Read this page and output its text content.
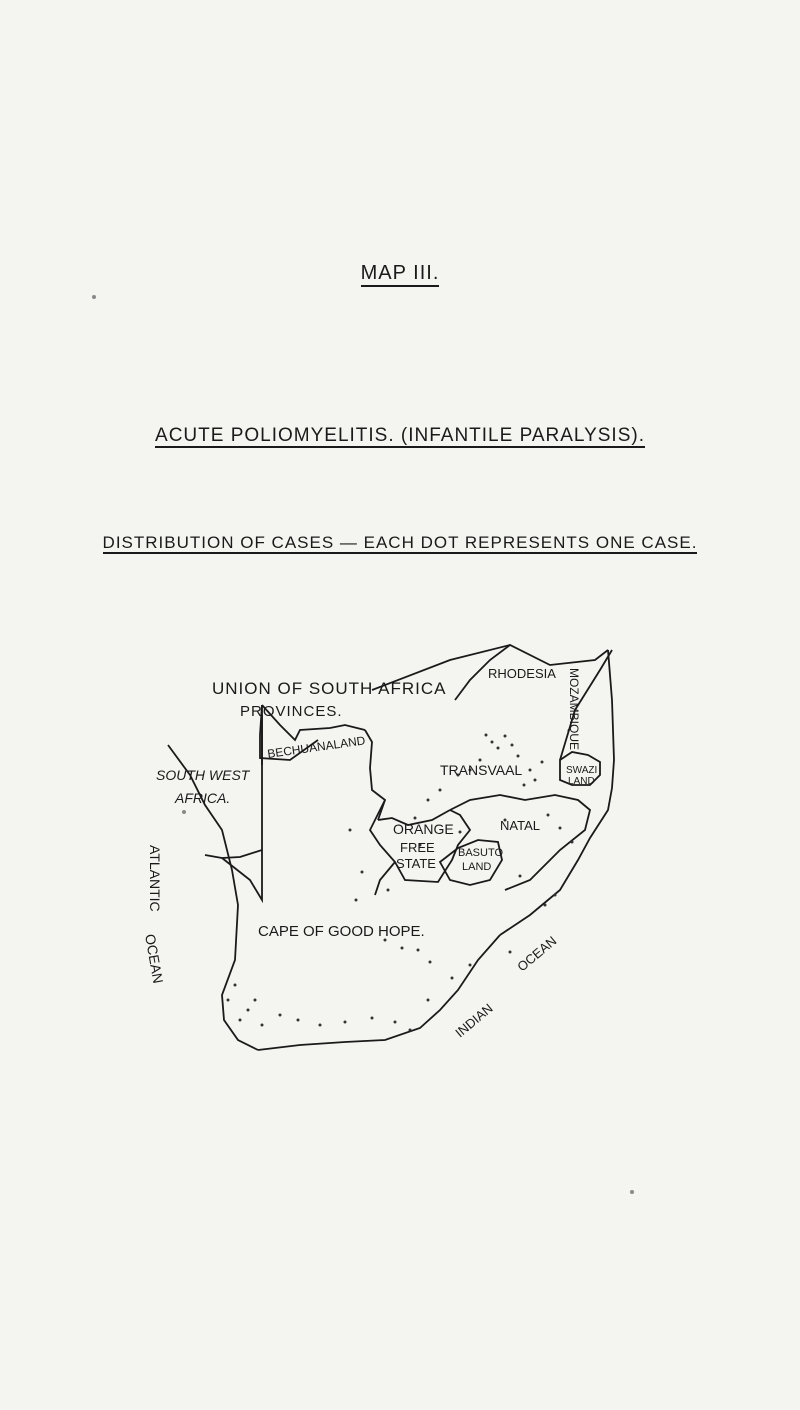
MAP III.
ACUTE POLIOMYELITIS. (INFANTILE PARALYSIS).
DISTRIBUTION OF CASES — EACH DOT REPRESENTS ONE CASE.
UNION OF SOUTH AFRICA
PROVINCES.
SOUTH WEST
AFRICA.
BECHUANALAND
RHODESIA MOZAMBIQUE
TRANSVAAL
ORANGE
FREE
STATE
NATAL
BASUTO
LAND
SWAZI
LAND
CAPE OF GOOD HOPE.
ATLANTIC
OCEAN
INDIAN
OCEAN
